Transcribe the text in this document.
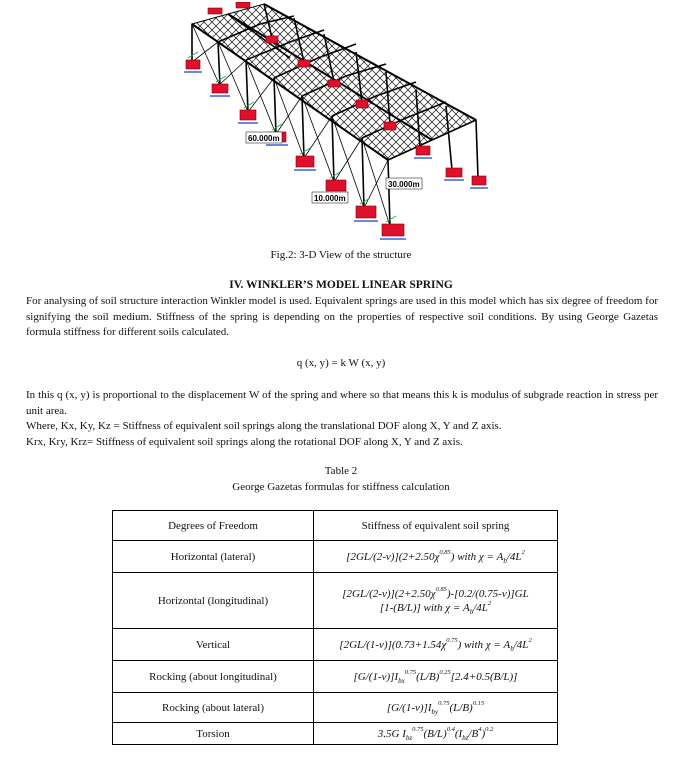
60.000m
30.000m
10.000m
Fig.2: 3-D View of the structure
IV. WINKLER’S MODEL LINEAR SPRING
For analysing of soil structure interaction Winkler model is used. Equivalent springs are used in this model which has six degree of freedom for signifying the soil medium. Stiffness of the spring is depending on the properties of respective soil conditions. By using George Gazetas formula stiffness for different soils calculated.
q (x, y) = k W (x, y)
In this q (x, y) is proportional to the displacement W of the spring and where so that means this k is modulus of subgrade reaction in stress per unit area.
Where, Kx, Ky, Kz = Stiffness of equivalent soil springs along the translational DOF along X, Y and Z axis.
Krx, Kry, Krz= Stiffness of equivalent soil springs along the rotational DOF along X, Y and Z axis.
Table 2
George Gazetas formulas for stiffness calculation
Degrees of Freedom	Stiffness of equivalent soil spring
Horizontal (lateral)	$[2GL/(2-\nu)](2+2.50\chi^{0.85})$ with $\chi = A_b/4L^2$
Horizontal (longitudinal)	$[2GL/(2-\nu)](2+2.50\chi^{0.85})-[0.2/(0.75-\nu)]GL$
[1-(B/L)] with $\chi = A_b/4L^2$
Vertical	$[2GL/(1-\nu)](0.73+1.54\chi^{0.75})$ with $\chi = A_b/4L^2$
Rocking (about longitudinal)	$[G/(1-\nu)]I_{bx}^{0.75}(L/B)^{0.25}[2.4+0.5(B/L)]$
Rocking (about lateral)	$[G/(1-\nu)]I_{by}^{0.75}(L/B)^{0.15}$
Torsion	3.5G $I_{bz}^{0.75}(B/L)^{0.4}(I_{bz}/B^4)^{0.2}$
